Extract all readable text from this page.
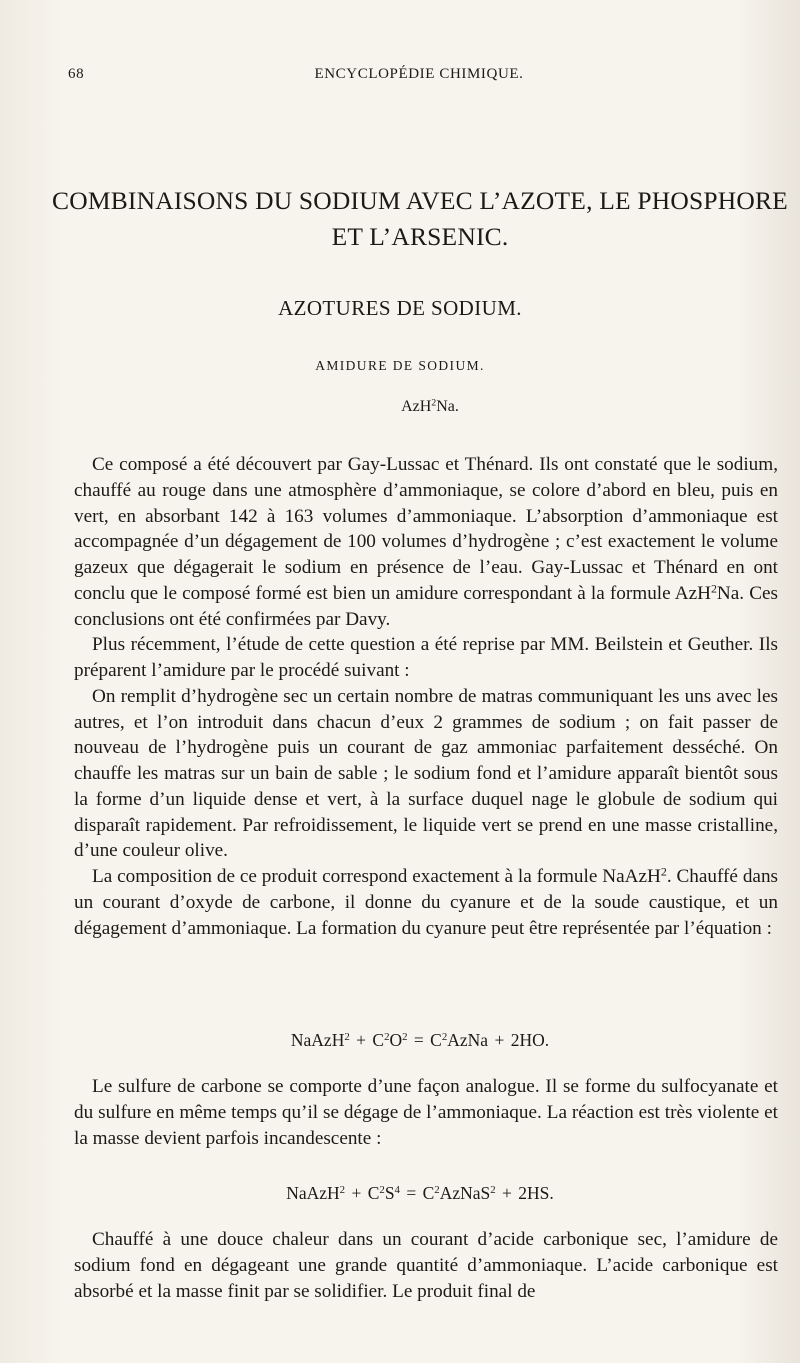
68	ENCYCLOPÉDIE CHIMIQUE.
COMBINAISONS DU SODIUM AVEC L’AZOTE, LE PHOSPHORE
ET L’ARSENIC.
AZOTURES DE SODIUM.
AMIDURE DE SODIUM.
AzH$^2$Na.

Ce composé a été découvert par Gay-Lussac et Thénard. Ils ont constaté que le sodium, chauffé au rouge dans une atmosphère d’ammoniaque, se colore d’abord en bleu, puis en vert, en absorbant 142 à 163 volumes d’ammoniaque. L’absorption d’ammoniaque est accompagnée d’un dégagement de 100 volumes d’hydrogène ; c’est exactement le volume gazeux que dégagerait le sodium en présence de l’eau. Gay-Lussac et Thénard en ont conclu que le composé formé est bien un amidure correspondant à la formule AzH$^2$Na. Ces conclusions ont été confirmées par Davy.

Plus récemment, l’étude de cette question a été reprise par MM. Beilstein et Geuther. Ils préparent l’amidure par le procédé suivant :

On remplit d’hydrogène sec un certain nombre de matras communiquant les uns avec les autres, et l’on introduit dans chacun d’eux 2 grammes de sodium ; on fait passer de nouveau de l’hydrogène puis un courant de gaz ammoniac parfaitement desséché. On chauffe les matras sur un bain de sable ; le sodium fond et l’amidure apparaît bientôt sous la forme d’un liquide dense et vert, à la surface duquel nage le globule de sodium qui disparaît rapidement. Par refroidissement, le liquide vert se prend en une masse cristalline, d’une couleur olive.

La composition de ce produit correspond exactement à la formule NaAzH$^2$. Chauffé dans un courant d’oxyde de carbone, il donne du cyanure et de la soude caustique, et un dégagement d’ammoniaque. La formation du cyanure peut être représentée par l’équation :

NaAzH$^2$ + $C^2O^2$ = $C^2AzNa + 2HO$.

Le sulfure de carbone se comporte d’une façon analogue. Il se forme du sulfocyanate et du sulfure en même temps qu’il se dégage de l’ammoniaque. La réaction est très violente et la masse devient parfois incandescente :

NaAzH$^2$ + $C^2S^4$ = $C^2AzNaS^2 + 2HS$.

Chauffé à une douce chaleur dans un courant d’acide carbonique sec, l’amidure de sodium fond en dégageant une grande quantité d’ammoniaque. L’acide carbonique est absorbé et la masse finit par se solidifier. Le produit final de
